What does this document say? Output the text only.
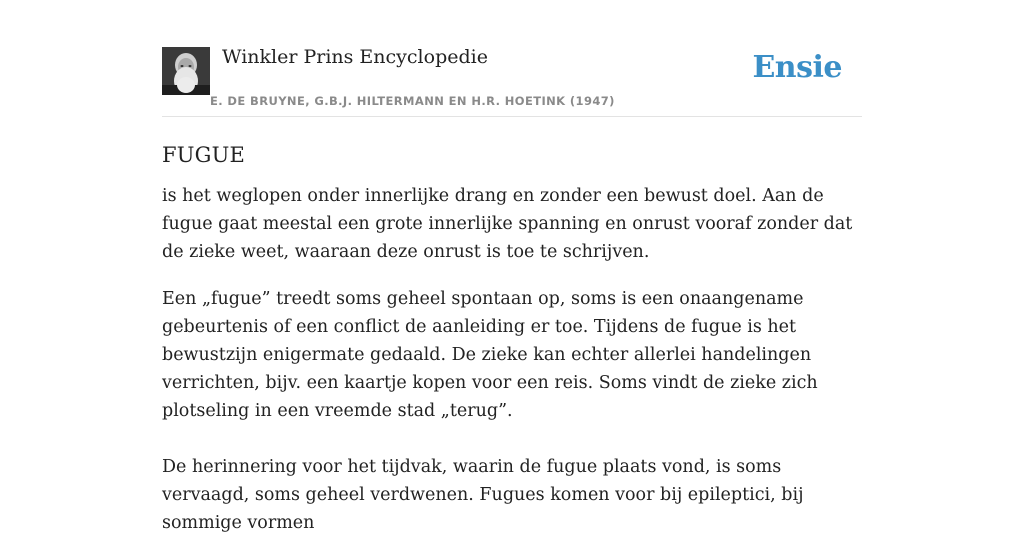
Winkler Prins Encyclopedie
E. DE BRUYNE, G.B.J. HILTERMANN EN H.R. HOETINK (1947)
Ensie
FUGUE

is het weglopen onder innerlijke drang en zonder een bewust doel. Aan de fugue gaat meestal een grote innerlijke spanning en onrust vooraf zonder dat de zieke weet, waaraan deze onrust is toe te schrijven.

Een „fugue” treedt soms geheel spontaan op, soms is een onaangename gebeurtenis of een conflict de aanleiding er toe. Tijdens de fugue is het bewustzijn enigermate gedaald. De zieke kan echter allerlei handelingen verrichten, bijv. een kaartje kopen voor een reis. Soms vindt de zieke zich plotseling in een vreemde stad „terug”.

De herinnering voor het tijdvak, waarin de fugue plaats vond, is soms vervaagd, soms geheel verdwenen. Fugues komen voor bij epileptici, bij sommige vormen
